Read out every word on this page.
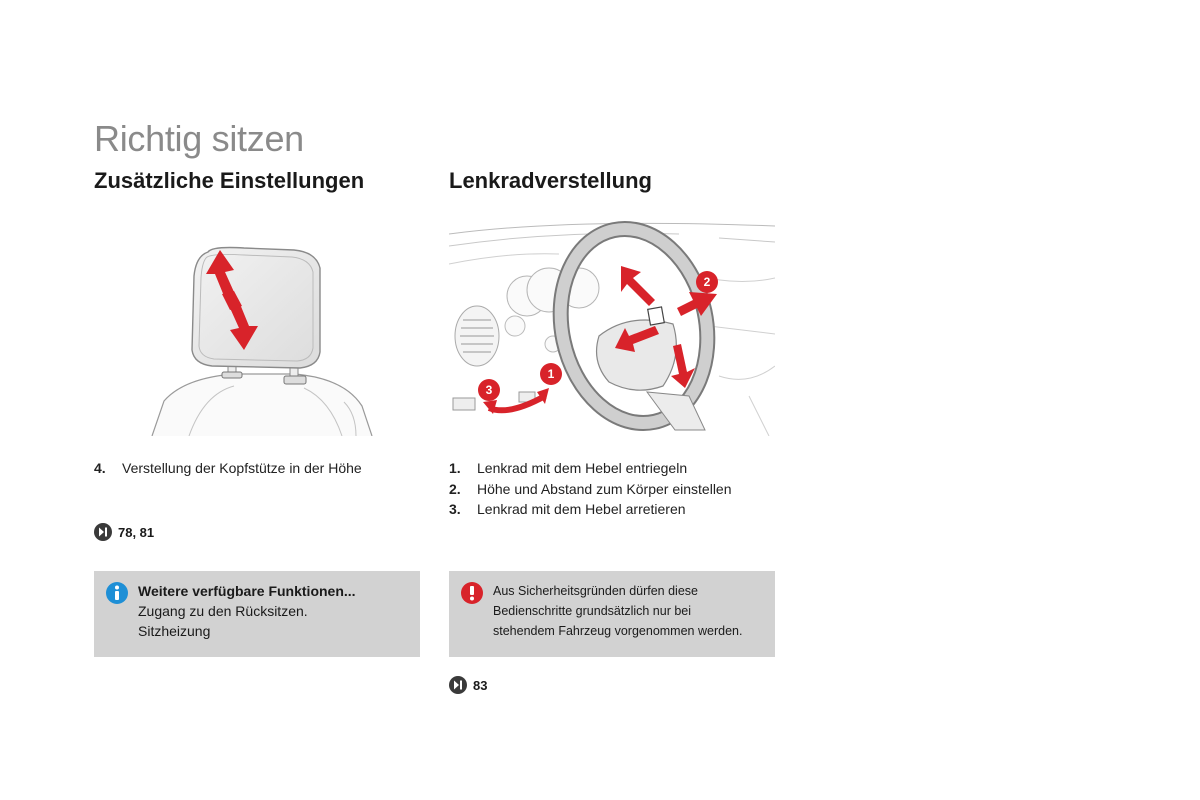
Richtig sitzen
Zusätzliche Einstellungen
4.	Verstellung der Kopfstütze in der Höhe
78, 81
Weitere verfügbare Funktionen...
Zugang zu den Rücksitzen.
Sitzheizung
Lenkradverstellung
1
2
3
1.	Lenkrad mit dem Hebel entriegeln
2.	Höhe und Abstand zum Körper einstellen
3.	Lenkrad mit dem Hebel arretieren
Aus Sicherheitsgründen dürfen diese
Bedienschritte grundsätzlich nur bei
stehendem Fahrzeug vorgenommen werden.
83
